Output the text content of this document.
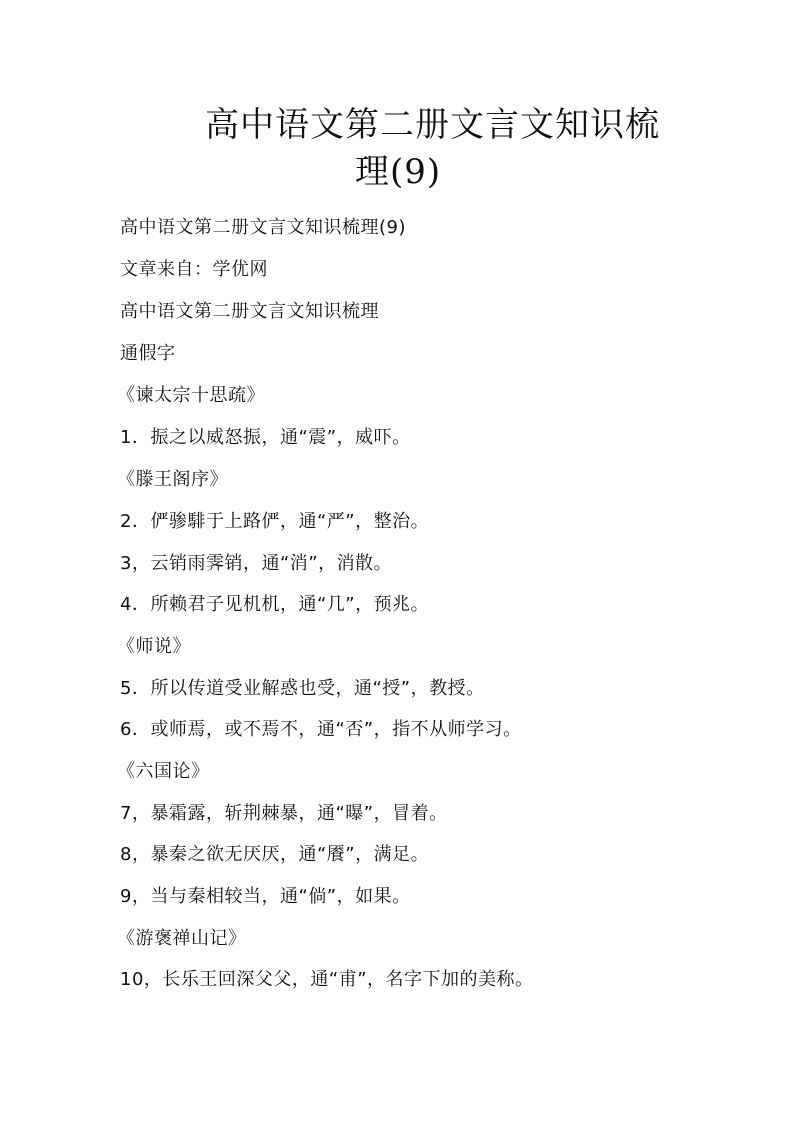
高中语文第二册文言文知识梳
理(9)
高中语文第二册文言文知识梳理(9)
文章来自：学优网
高中语文第二册文言文知识梳理
通假字
《谏太宗十思疏》
1．振之以威怒振，通“震”，威吓。
《滕王阁序》
2．俨骖騑于上路俨，通“严”，整治。
3，云销雨霁销，通“消”，消散。
4．所赖君子见机机，通“几”，预兆。
《师说》
5．所以传道受业解惑也受，通“授”，教授。
6．或师焉，或不焉不，通“否”，指不从师学习。
《六国论》
7，暴霜露，斩荆棘暴，通“曝”，冒着。
8，暴秦之欲无厌厌，通“餍”，满足。
9，当与秦相较当，通“倘”，如果。
《游褒禅山记》
10，长乐王回深父父，通“甫”，名字下加的美称。
